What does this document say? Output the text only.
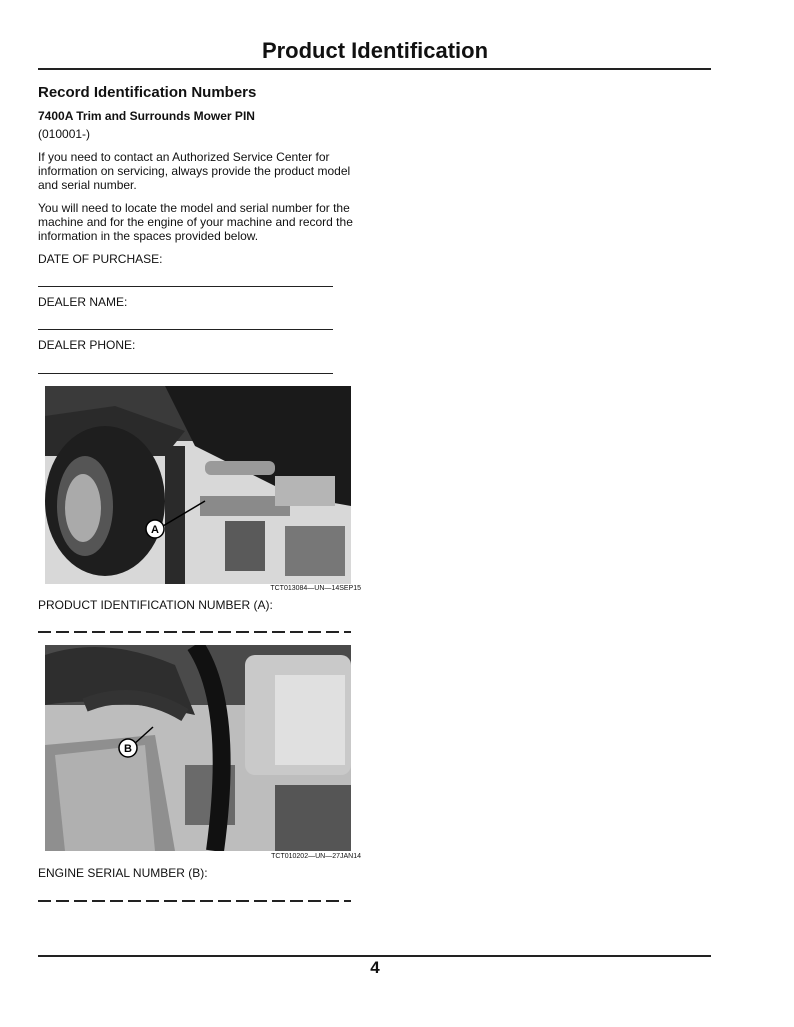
Product Identification
Record Identification Numbers
7400A Trim and Surrounds Mower PIN
(010001-)
If you need to contact an Authorized Service Center for information on servicing, always provide the product model and serial number.
You will need to locate the model and serial number for the machine and for the engine of your machine and record the information in the spaces provided below.
DATE OF PURCHASE:
DEALER NAME:
DEALER PHONE:
A
TCT013084—UN—14SEP15
PRODUCT IDENTIFICATION NUMBER (A):
B
TCT010202—UN—27JAN14
ENGINE SERIAL NUMBER (B):
4
